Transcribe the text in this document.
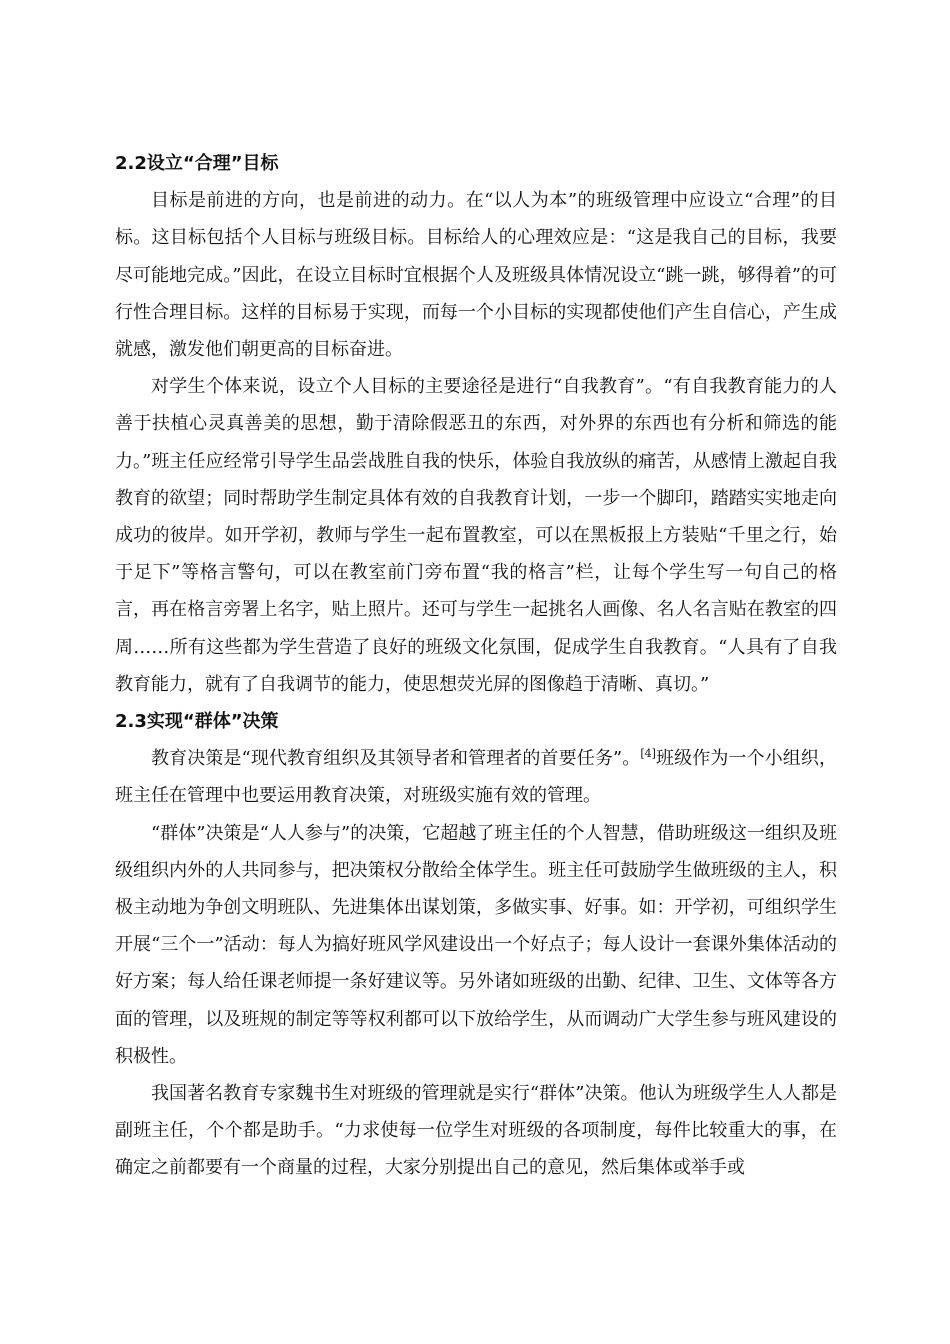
2.2设立“合理”目标

目标是前进的方向，也是前进的动力。在“以人为本”的班级管理中应设立“合理”的目标。这目标包括个人目标与班级目标。目标给人的心理效应是：“这是我自己的目标，我要尽可能地完成。”因此，在设立目标时宜根据个人及班级具体情况设立“跳一跳，够得着”的可行性合理目标。这样的目标易于实现，而每一个小目标的实现都使他们产生自信心，产生成就感，激发他们朝更高的目标奋进。

对学生个体来说，设立个人目标的主要途径是进行“自我教育”。“有自我教育能力的人善于扶植心灵真善美的思想，勤于清除假恶丑的东西，对外界的东西也有分析和筛选的能力。”班主任应经常引导学生品尝战胜自我的快乐，体验自我放纵的痛苦，从感情上激起自我教育的欲望；同时帮助学生制定具体有效的自我教育计划，一步一个脚印，踏踏实实地走向成功的彼岸。如开学初，教师与学生一起布置教室，可以在黑板报上方装贴“千里之行，始于足下”等格言警句，可以在教室前门旁布置“我的格言”栏，让每个学生写一句自己的格言，再在格言旁署上名字，贴上照片。还可与学生一起挑名人画像、名人名言贴在教室的四周……所有这些都为学生营造了良好的班级文化氛围，促成学生自我教育。“人具有了自我教育能力，就有了自我调节的能力，使思想荧光屏的图像趋于清晰、真切。”

2.3实现“群体”决策

教育决策是“现代教育组织及其领导者和管理者的首要任务”。[4]班级作为一个小组织，班主任在管理中也要运用教育决策，对班级实施有效的管理。

“群体”决策是“人人参与”的决策，它超越了班主任的个人智慧，借助班级这一组织及班级组织内外的人共同参与，把决策权分散给全体学生。班主任可鼓励学生做班级的主人，积极主动地为争创文明班队、先进集体出谋划策，多做实事、好事。如：开学初，可组织学生开展“三个一”活动：每人为搞好班风学风建设出一个好点子；每人设计一套课外集体活动的好方案；每人给任课老师提一条好建议等。另外诸如班级的出勤、纪律、卫生、文体等各方面的管理，以及班规的制定等等权利都可以下放给学生，从而调动广大学生参与班风建设的积极性。

我国著名教育专家魏书生对班级的管理就是实行“群体”决策。他认为班级学生人人都是副班主任，个个都是助手。“力求使每一位学生对班级的各项制度，每件比较重大的事，在确定之前都要有一个商量的过程，大家分别提出自己的意见，然后集体或举手或
